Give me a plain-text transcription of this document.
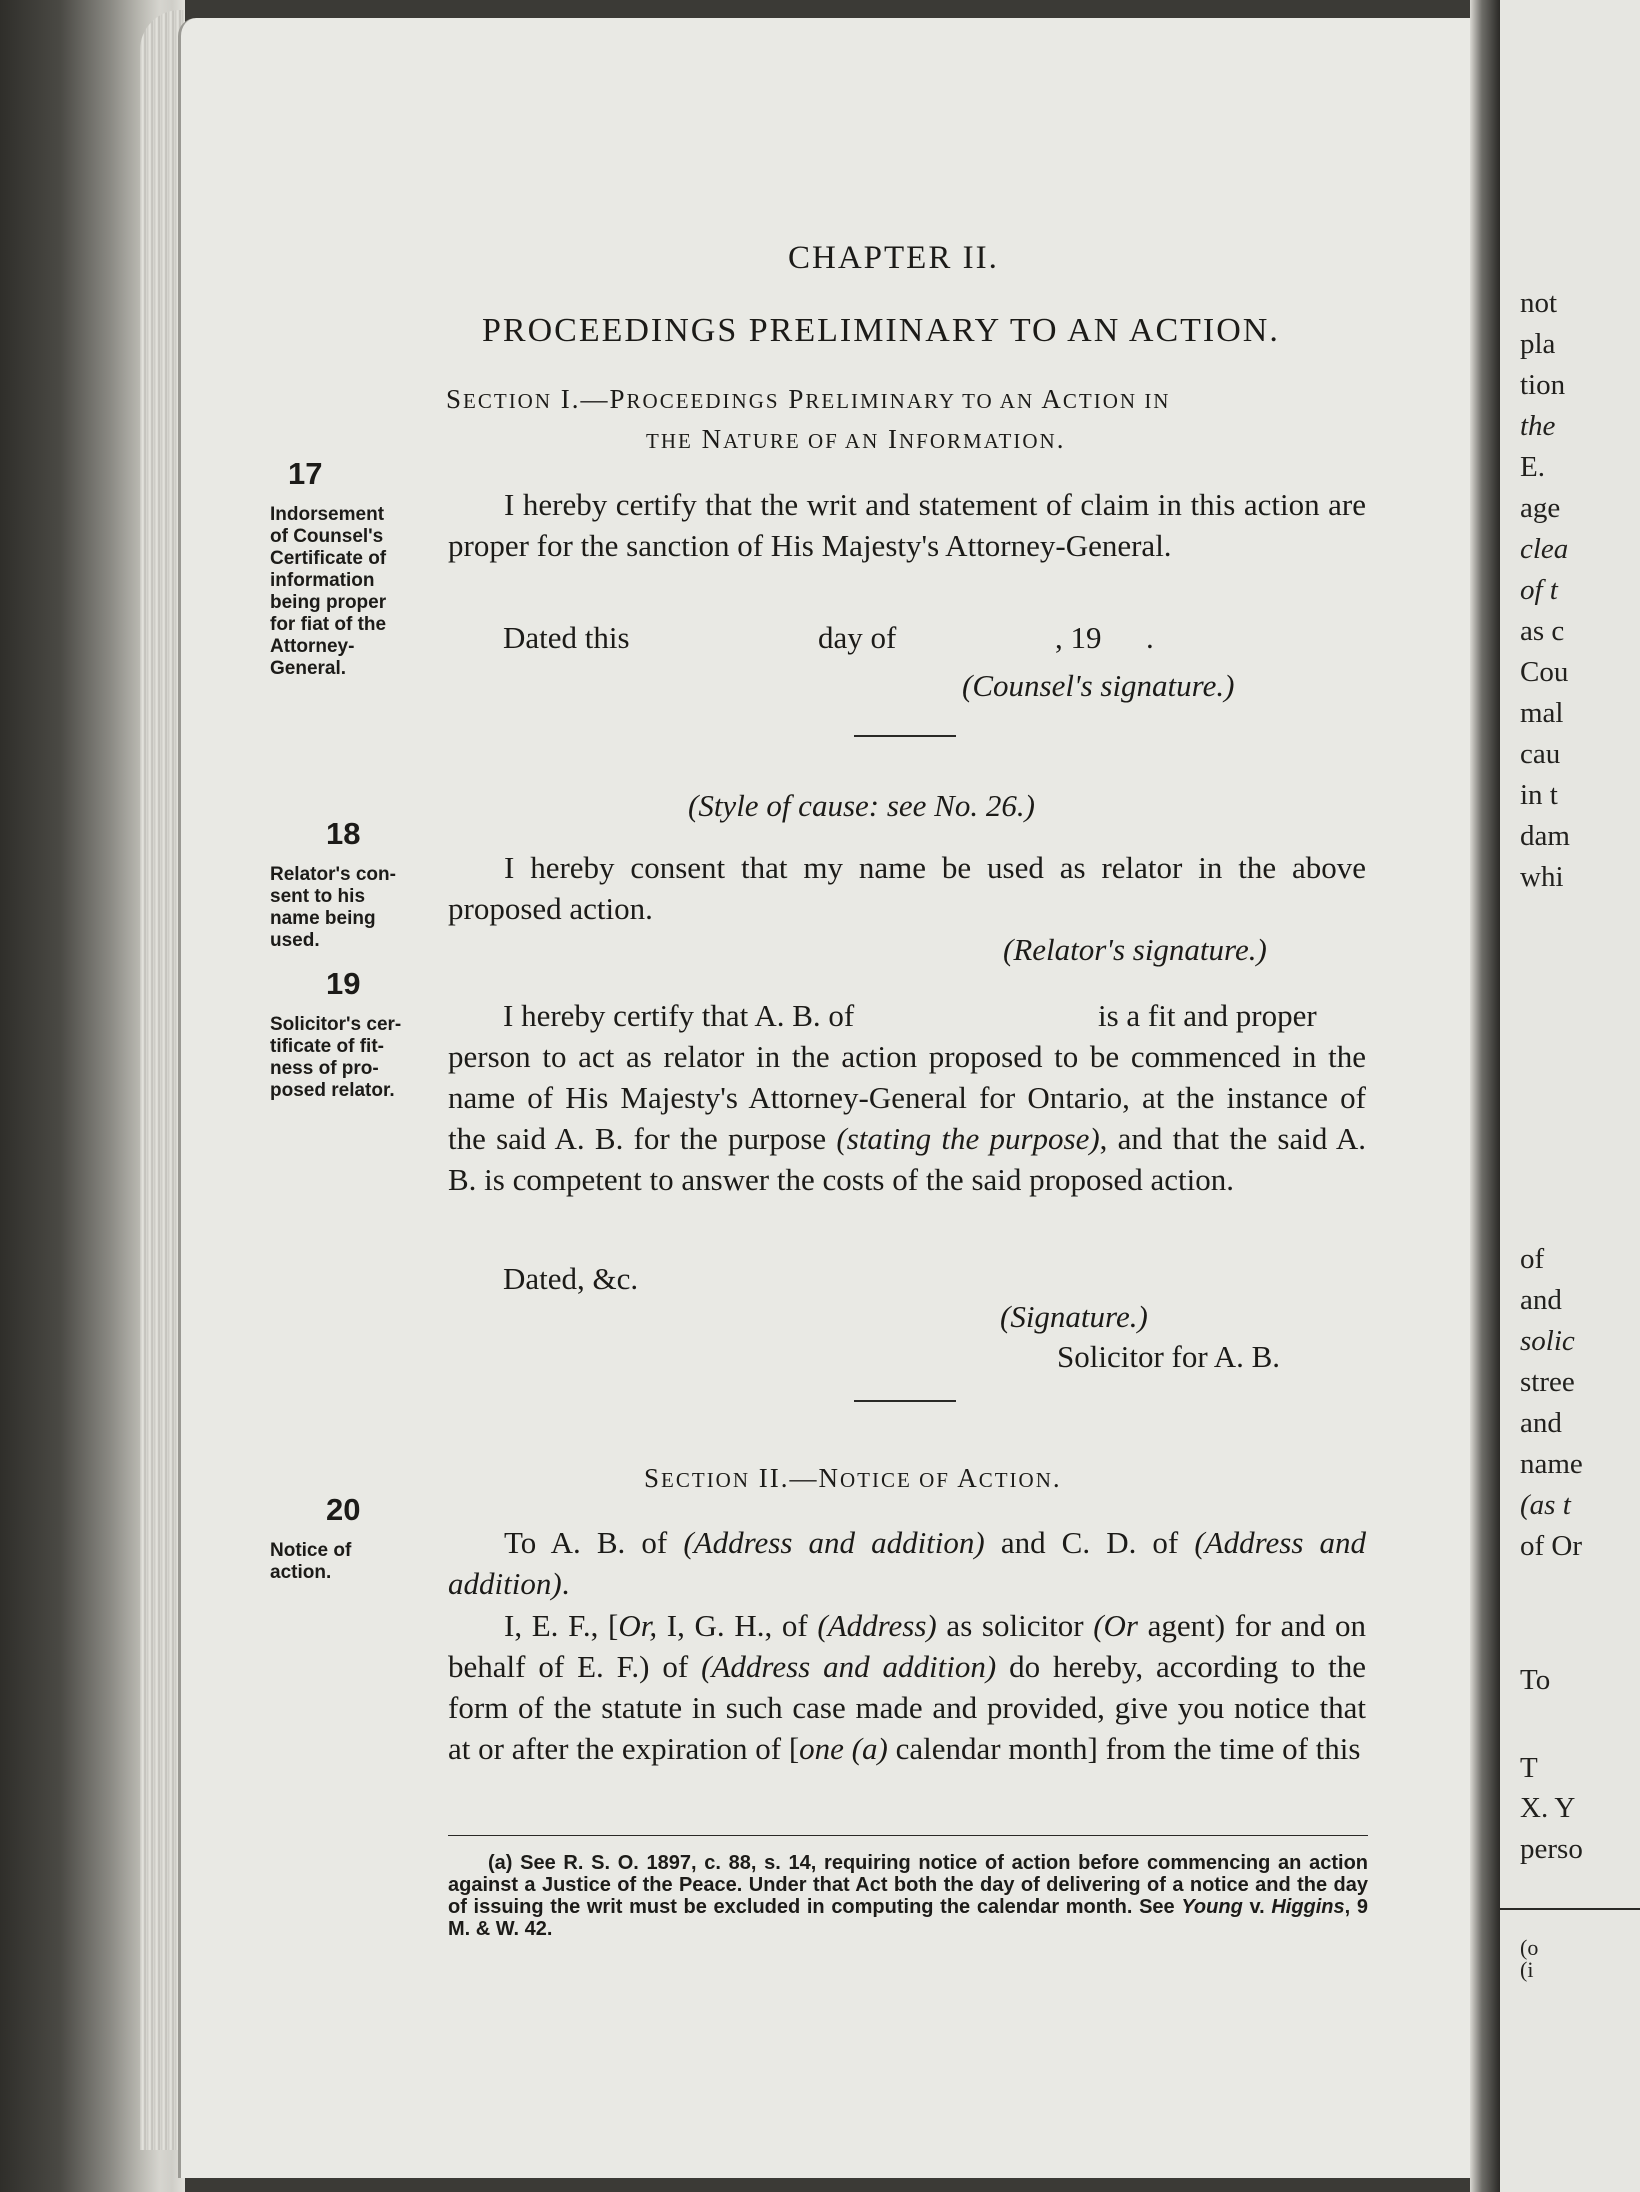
not
pla
tion
the
E.
age
clea
of t
as c
Cou
mal
cau
in t
dam
whi
of
and
solic
stree
and
name
(as t
of Or
To
T
X. Y
perso
(o
(i
CHAPTER II.
PROCEEDINGS PRELIMINARY TO AN ACTION.
SECTION I.—PROCEEDINGS PRELIMINARY TO AN ACTION IN
THE NATURE OF AN INFORMATION.
17
Indorsement
of Counsel's
Certificate of
information
being proper
for fiat of the
Attorney-
General.
I hereby certify that the writ and statement of claim in this action are proper for the sanction of His Majesty's Attorney-General.
Dated this	day of	, 19 .
(Counsel's signature.)
(Style of cause: see No. 26.)
18
Relator's con-
sent to his
name being
used.
I hereby consent that my name be used as relator in the above proposed action.
(Relator's signature.)
19
Solicitor's cer-
tificate of fit-
ness of pro-
posed relator.
I hereby certify that A. B. of	is a fit and proper
person to act as relator in the action proposed to be commenced in the name of His Majesty's Attorney-General for Ontario, at the instance of the said A. B. for the purpose (stating the purpose), and that the said A. B. is competent to answer the costs of the said proposed action.
Dated, &c.
(Signature.)
Solicitor for A. B.
SECTION II.—NOTICE OF ACTION.
20
Notice of
action.
To A. B. of (Address and addition) and C. D. of (Address and addition).
I, E. F., [Or, I, G. H., of (Address) as solicitor (Or agent) for and on behalf of E. F.) of (Address and addition) do hereby, according to the form of the statute in such case made and provided, give you notice that at or after the expiration of [one (a) calendar month] from the time of this
(a) See R. S. O. 1897, c. 88, s. 14, requiring notice of action before commencing an action against a Justice of the Peace. Under that Act both the day of delivering of a notice and the day of issuing the writ must be excluded in computing the calendar month. See Young v. Higgins, 9 M. & W. 42.
